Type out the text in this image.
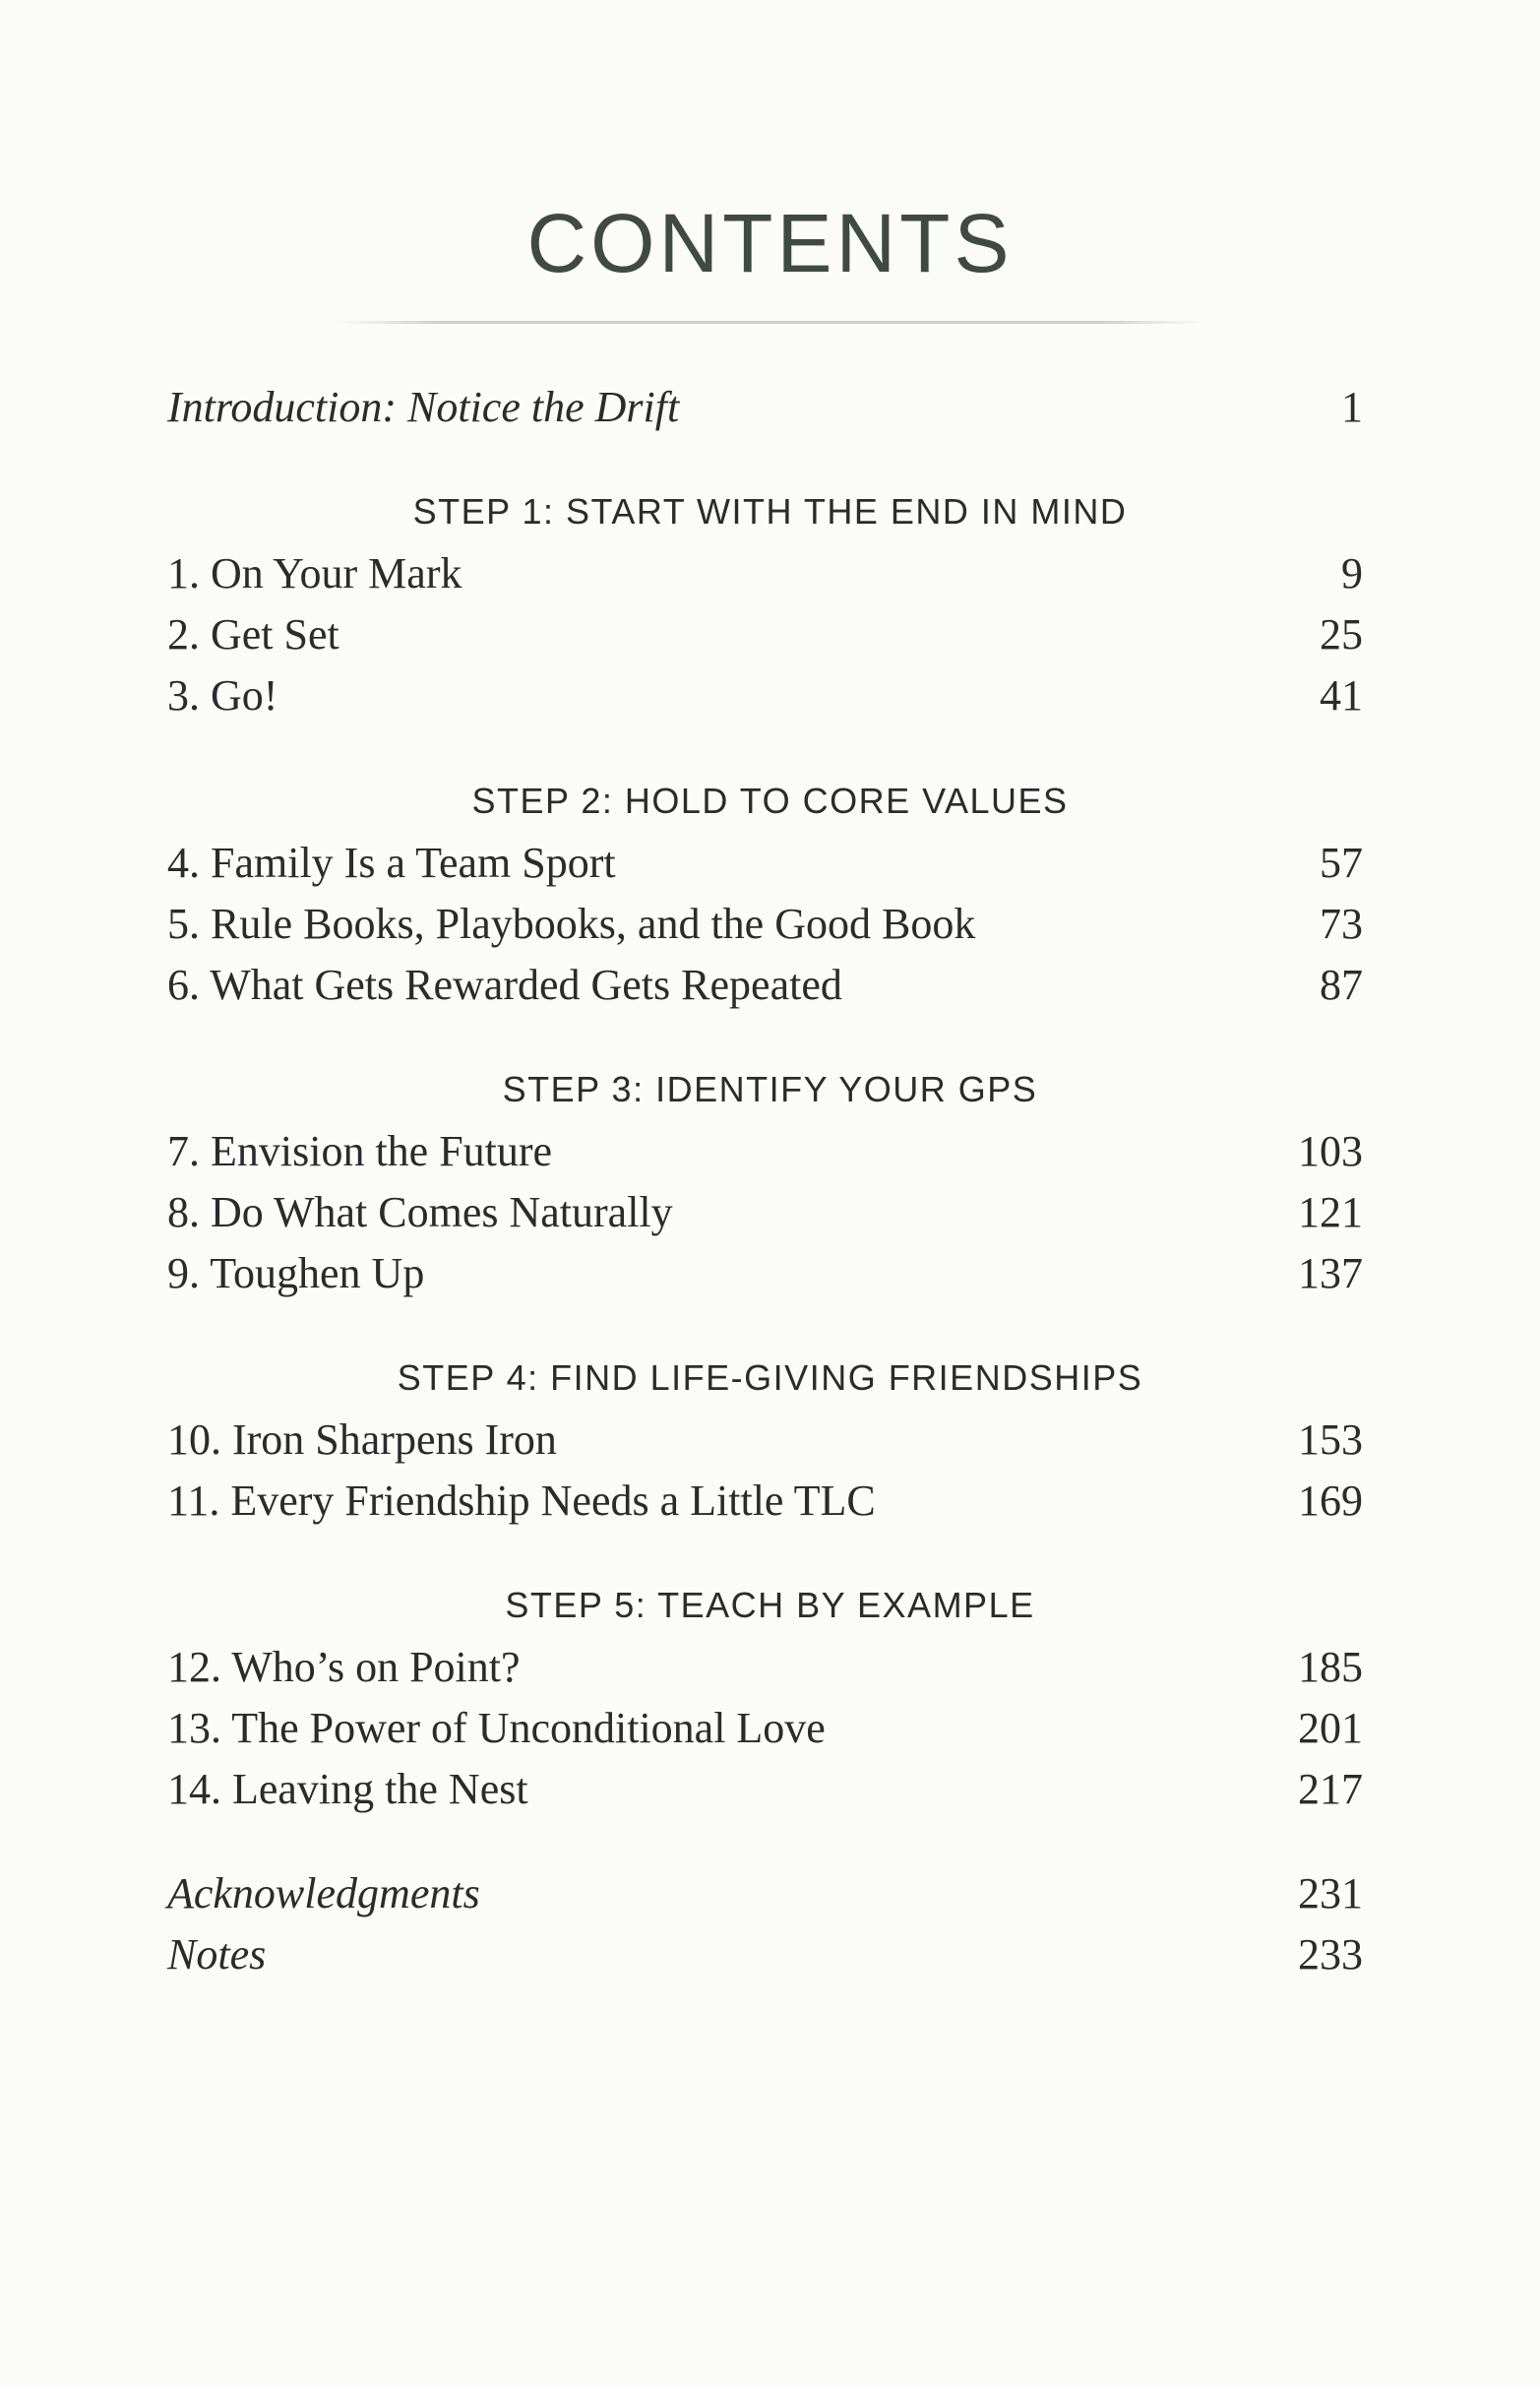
CONTENTS
Introduction: Notice the Drift	1
STEP 1: START WITH THE END IN MIND
1. On Your Mark	9
2. Get Set	25
3. Go!	41
STEP 2: HOLD TO CORE VALUES
4. Family Is a Team Sport	57
5. Rule Books, Playbooks, and the Good Book	73
6. What Gets Rewarded Gets Repeated	87
STEP 3: IDENTIFY YOUR GPS
7. Envision the Future	103
8. Do What Comes Naturally	121
9. Toughen Up	137
STEP 4: FIND LIFE-GIVING FRIENDSHIPS
10. Iron Sharpens Iron	153
11. Every Friendship Needs a Little TLC	169
STEP 5: TEACH BY EXAMPLE
12. Who’s on Point?	185
13. The Power of Unconditional Love	201
14. Leaving the Nest	217
Acknowledgments	231
Notes	233
